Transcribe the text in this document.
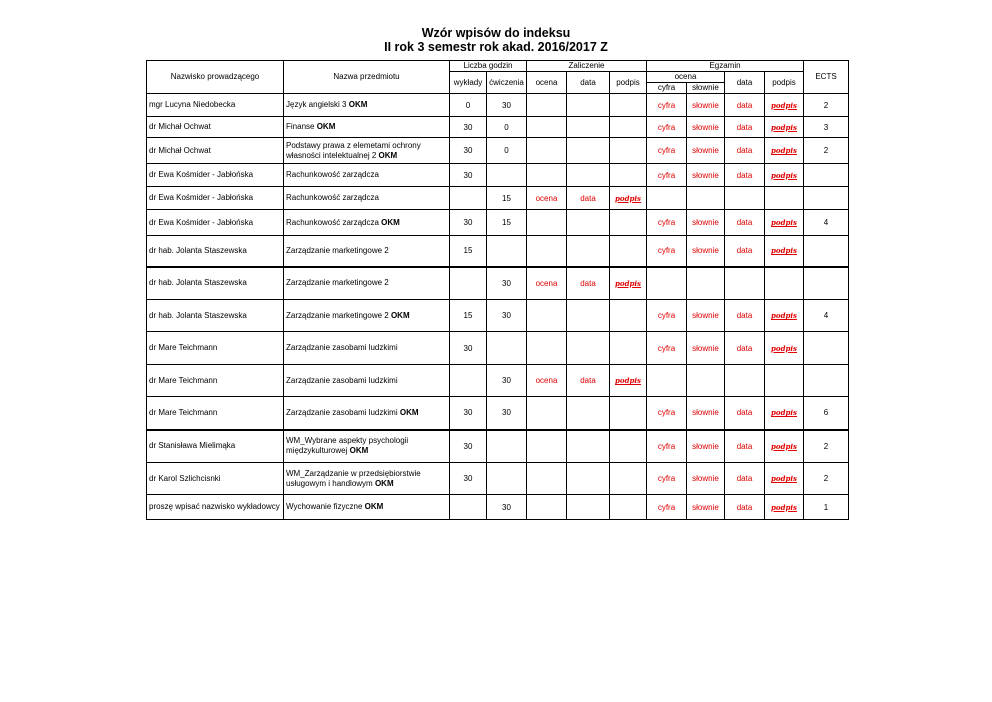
Wzór wpisów do indeksu
II rok 3 semestr rok akad. 2016/2017 Z
Nazwisko prowadzącego	Nazwa przedmiotu	Liczba godzin		Zaliczenie			Egzamin				ECTS
		wykłady	ćwiczenia	ocena	data	podpis	ocena		data	podpis	
							cyfra	słownie			
mgr Lucyna Niedobecka	Język angielski 3 OKM	0	30				cyfra	słownie	data	podpis	2
dr Michał Ochwat	Finanse OKM	30	0				cyfra	słownie	data	podpis	3
dr Michał Ochwat	Podstawy prawa z elemetami ochrony
własności intelektualnej 2 OKM	30	0				cyfra	słownie	data	podpis	2
dr Ewa Kośmider - Jabłońska	Rachunkowość zarządcza	30					cyfra	słownie	data	podpis	
dr Ewa Kośmider - Jabłońska	Rachunkowość zarządcza		15	ocena	data	podpis					
dr Ewa Kośmider - Jabłońska	Rachunkowość zarządcza OKM	30	15				cyfra	słownie	data	podpis	4
dr hab. Jolanta Staszewska	Zarządzanie marketingowe 2	15					cyfra	słownie	data	podpis	
dr hab. Jolanta Staszewska	Zarządzanie marketingowe 2		30	ocena	data	podpis					
dr hab. Jolanta Staszewska	Zarządzanie marketingowe 2 OKM	15	30				cyfra	słownie	data	podpis	4
dr Mare Teichmann	Zarządzanie zasobami ludzkimi	30					cyfra	słownie	data	podpis	
dr Mare Teichmann	Zarządzanie zasobami ludzkimi		30	ocena	data	podpis					
dr Mare Teichmann	Zarządzanie zasobami ludzkimi OKM	30	30				cyfra	słownie	data	podpis	6
dr Stanisława Mielimąka	WM_Wybrane aspekty psychologii
międzykulturowej OKM	30					cyfra	słownie	data	podpis	2
dr Karol Szlichcisnki	WM_Zarządzanie w przedsiębiorstwie
usługowym i handlowym OKM	30					cyfra	słownie	data	podpis	2
proszę wpisać nazwisko wykładowcy	Wychowanie fizyczne OKM		30				cyfra	słownie	data	podpis	1
